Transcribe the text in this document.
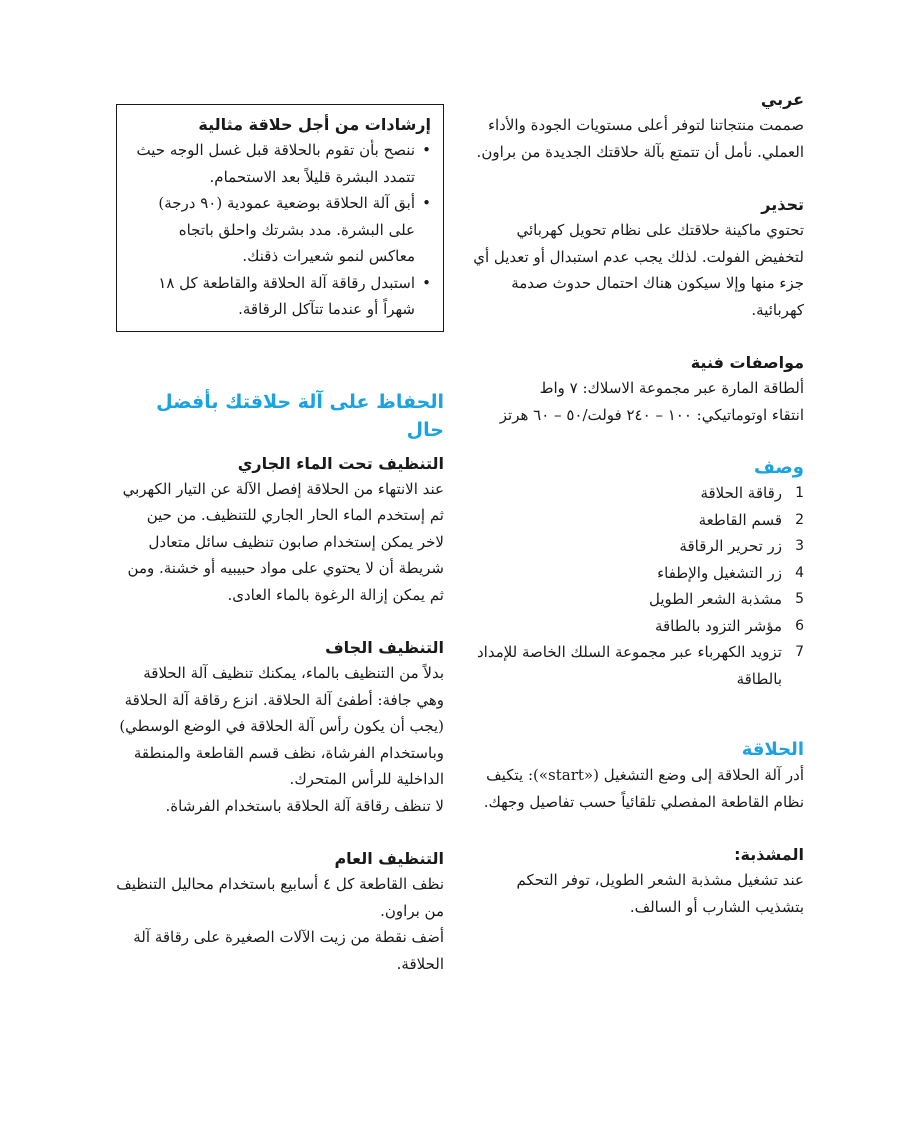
عربي

صممت منتجاتنا لتوفر أعلى مستويات الجودة والأداء العملي. نأمل أن تتمتع بآلة حلاقتك الجديدة من براون.

تحذير

تحتوي ماكينة حلاقتك على نظام تحويل كهربائي لتخفيض الفولت. لذلك يجب عدم استبدال أو تعديل أي جزء منها وإلا سيكون هناك احتمال حدوث صدمة كهربائية.

مواصفات فنية

ألطاقة المارة عبر مجموعة الاسلاك: ٧ واط

انتقاء اوتوماتيكي: ١٠٠ – ٢٤٠ فولت/٥٠ – ٦٠ هرتز

وصف
1
رقاقة الحلاقة
2
قسم القاطعة
3
زر تحرير الرقاقة
4
زر التشغيل والإطفاء
5
مشذبة الشعر الطويل
6
مؤشر التزود بالطاقة
7
تزويد الكهرباء عبر مجموعة السلك الخاصة للإمداد بالطاقة
الحلاقة

أدر آلة الحلاقة إلى وضع التشغيل («start»): يتكيف نظام القاطعة المفصلي تلقائياً حسب تفاصيل وجهك.

المشذبة:

عند تشغيل مشذبة الشعر الطويل، توفر التحكم بتشذيب الشارب أو السالف.

إرشادات من أجل حلاقة مثالية
•
ننصح بأن تقوم بالحلاقة قبل غسل الوجه حيث تتمدد البشرة قليلاً بعد الاستحمام.
•
أبق آلة الحلاقة بوضعية عمودية (٩٠ درجة) على البشرة. مدد بشرتك واحلق باتجاه معاكس لنمو شعيرات ذقنك.
•
استبدل رقاقة آلة الحلاقة والقاطعة كل ١٨ شهراً أو عندما تتآكل الرقاقة.
الحفاظ على آلة حلاقتك بأفضل حال
التنظيف تحت الماء الجاري

عند الانتهاء من الحلاقة إفصل الآلة عن التيار الكهربي ثم إستخدم الماء الحار الجاري للتنظيف. من حين لاخر يمكن إستخدام صابون تنظيف سائل متعادل شريطة أن لا يحتوي على مواد حبيبيه أو خشنة. ومن ثم يمكن إزالة الرغوة بالماء العادى.

التنظيف الجاف

بدلاً من التنظيف بالماء، يمكنك تنظيف آلة الحلاقة وهي جافة: أطفئ آلة الحلاقة. انزع رقاقة آلة الحلاقة (يجب أن يكون رأس آلة الحلاقة في الوضع الوسطي) وباستخدام الفرشاة، نظف قسم القاطعة والمنطقة الداخلية للرأس المتحرك.

لا تنظف رقاقة آلة الحلاقة باستخدام الفرشاة.

التنظيف العام

نظف القاطعة كل ٤ أسابيع باستخدام محاليل التنظيف من براون.

أضف نقطة من زيت الآلات الصغيرة على رقاقة آلة الحلاقة.
